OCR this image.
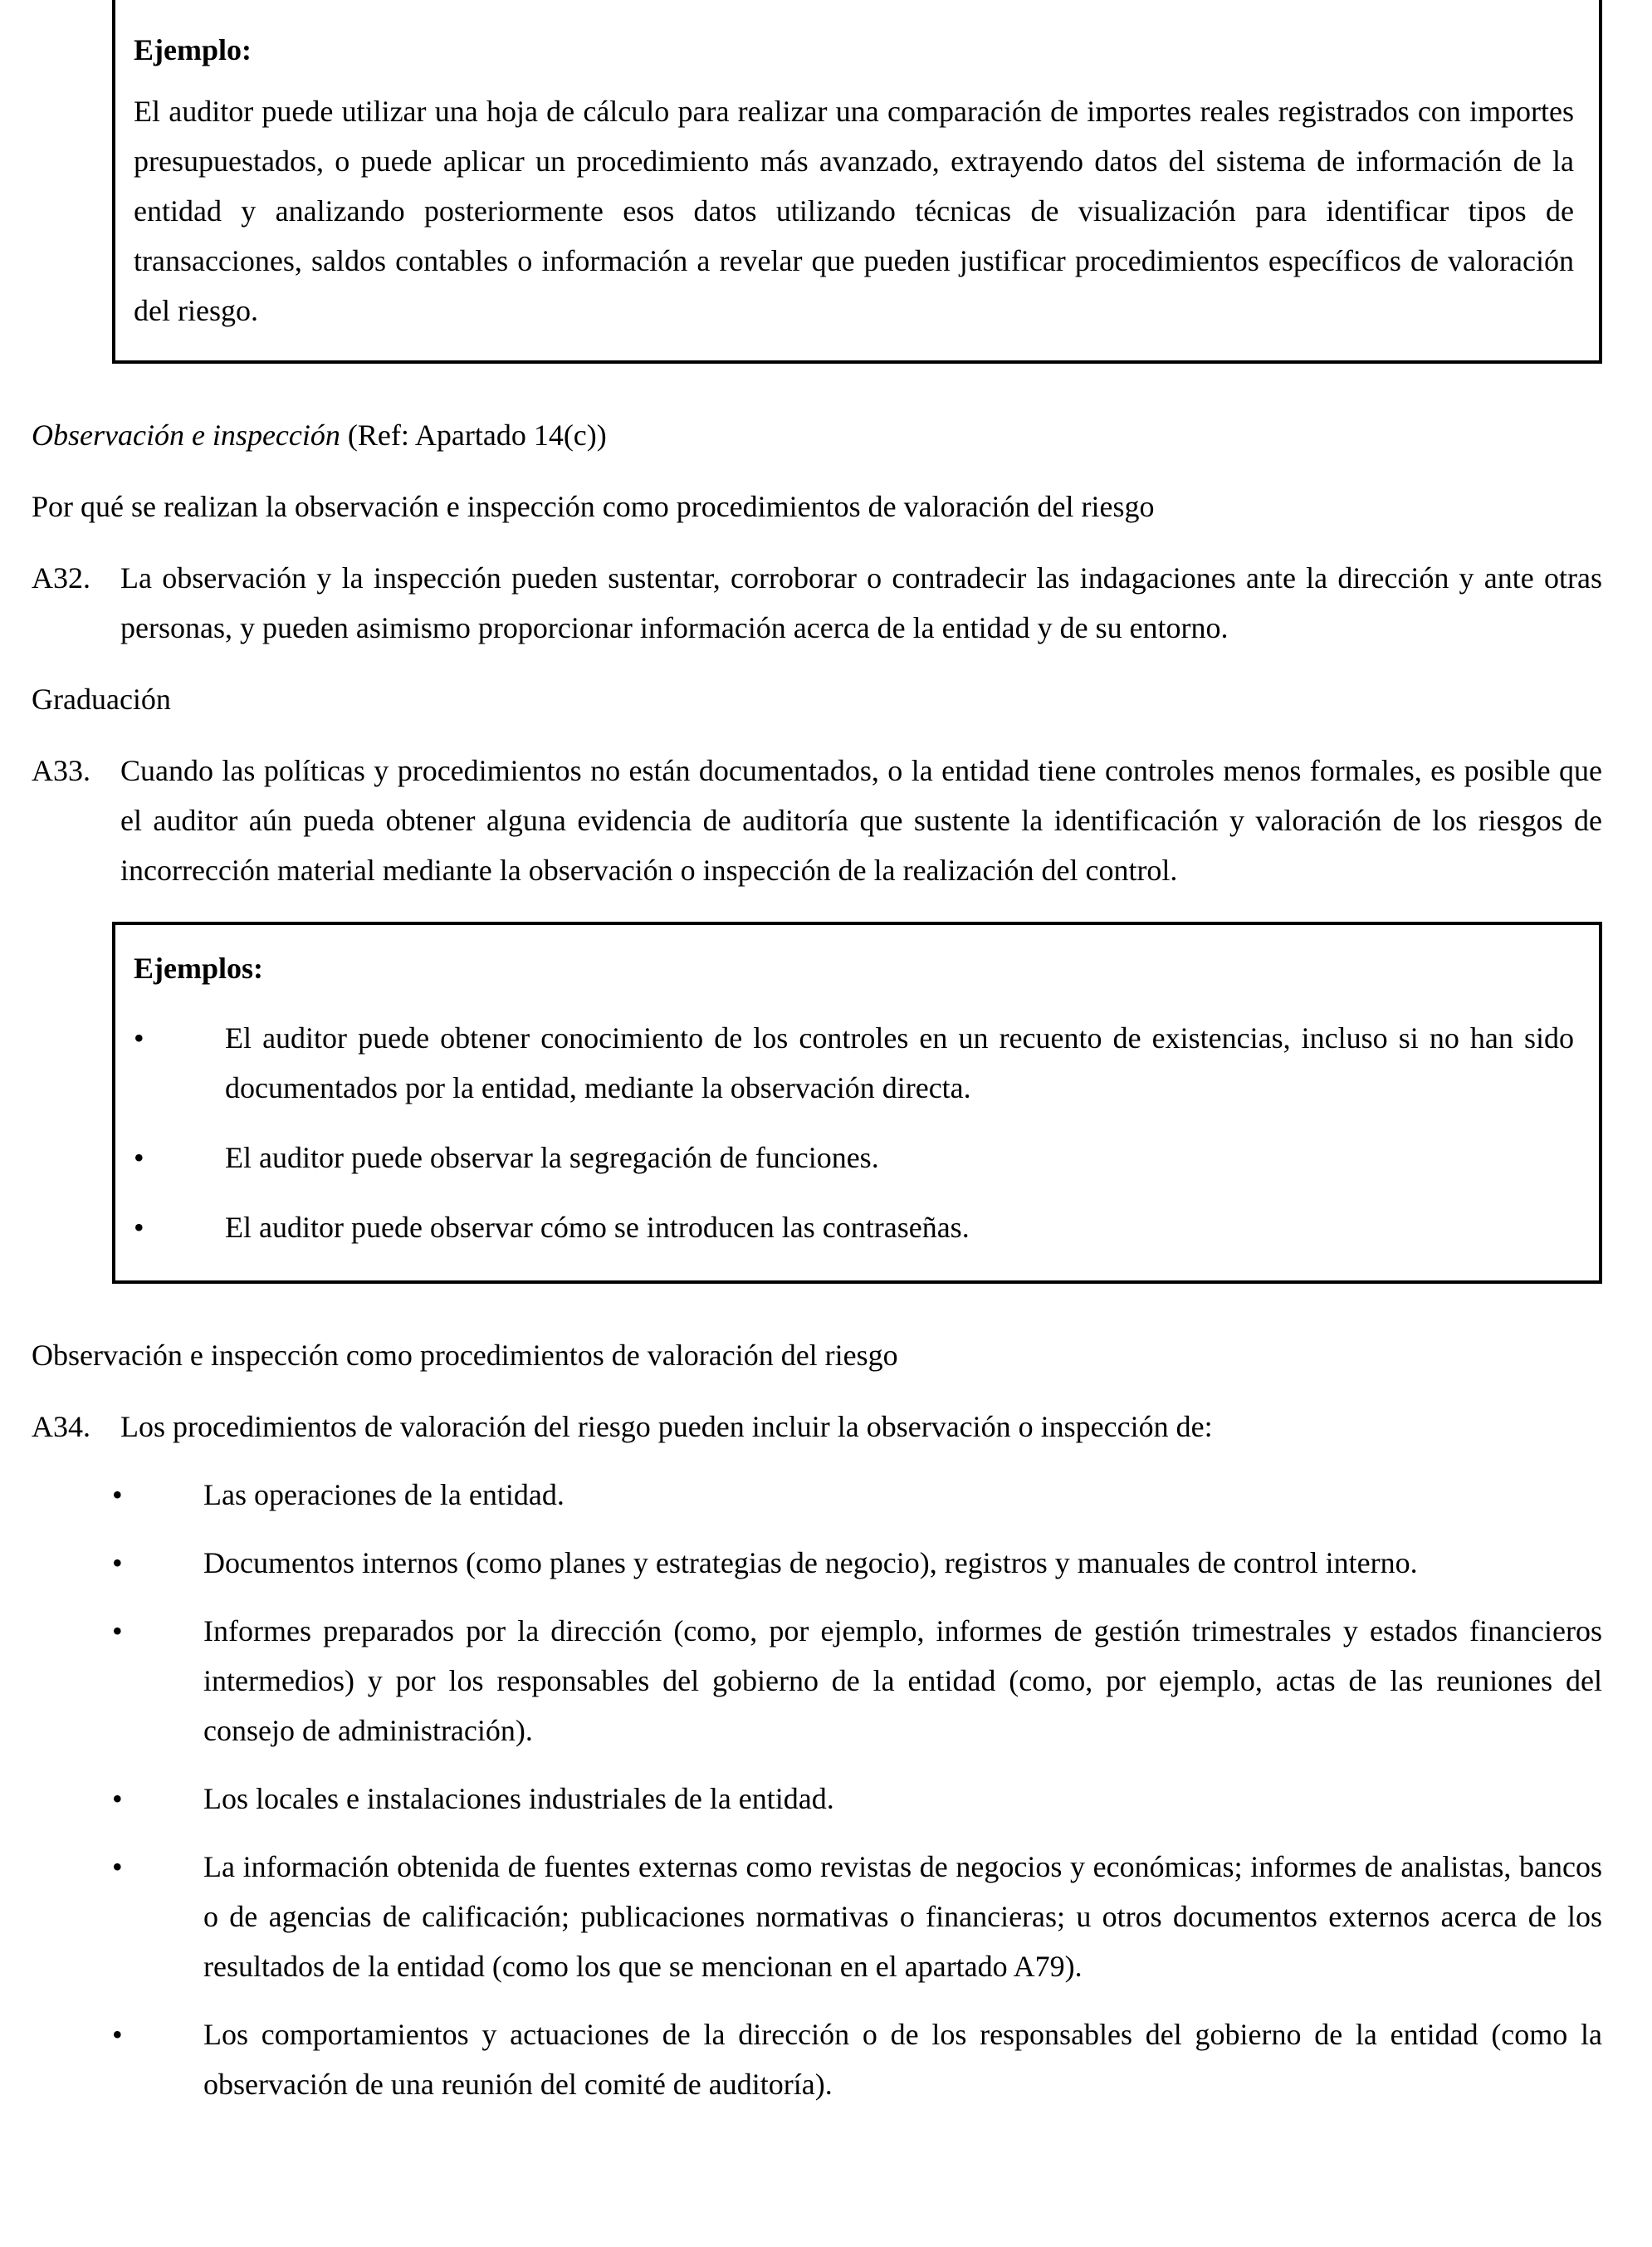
Ejemplo:

El auditor puede utilizar una hoja de cálculo para realizar una comparación de importes reales registrados con importes presupuestados, o puede aplicar un procedimiento más avanzado, extrayendo datos del sistema de información de la entidad y analizando posteriormente esos datos utilizando técnicas de visualización para identificar tipos de transacciones, saldos contables o información a revelar que pueden justificar procedimientos específicos de valoración del riesgo.

Observación e inspección (Ref: Apartado 14(c))
Por qué se realizan la observación e inspección como procedimientos de valoración del riesgo
A32.	La observación y la inspección pueden sustentar, corroborar o contradecir las indagaciones ante la dirección y ante otras personas, y pueden asimismo proporcionar información acerca de la entidad y de su entorno.

Graduación
A33.	Cuando las políticas y procedimientos no están documentados, o la entidad tiene controles menos formales, es posible que el auditor aún pueda obtener alguna evidencia de auditoría que sustente la identificación y valoración de los riesgos de incorrección material mediante la observación o inspección de la realización del control.

Ejemplos:
•	El auditor puede obtener conocimiento de los controles en un recuento de existencias, incluso si no han sido documentados por la entidad, mediante la observación directa.
•	El auditor puede observar la segregación de funciones.
•	El auditor puede observar cómo se introducen las contraseñas.
Observación e inspección como procedimientos de valoración del riesgo
A34.	Los procedimientos de valoración del riesgo pueden incluir la observación o inspección de:

•	Las operaciones de la entidad.
•	Documentos internos (como planes y estrategias de negocio), registros y manuales de control interno.
•	Informes preparados por la dirección (como, por ejemplo, informes de gestión trimestrales y estados financieros intermedios) y por los responsables del gobierno de la entidad (como, por ejemplo, actas de las reuniones del consejo de administración).
•	Los locales e instalaciones industriales de la entidad.
•	La información obtenida de fuentes externas como revistas de negocios y económicas; informes de analistas, bancos o de agencias de calificación; publicaciones normativas o financieras; u otros documentos externos acerca de los resultados de la entidad (como los que se mencionan en el apartado A79).
•	Los comportamientos y actuaciones de la dirección o de los responsables del gobierno de la entidad (como la observación de una reunión del comité de auditoría).
